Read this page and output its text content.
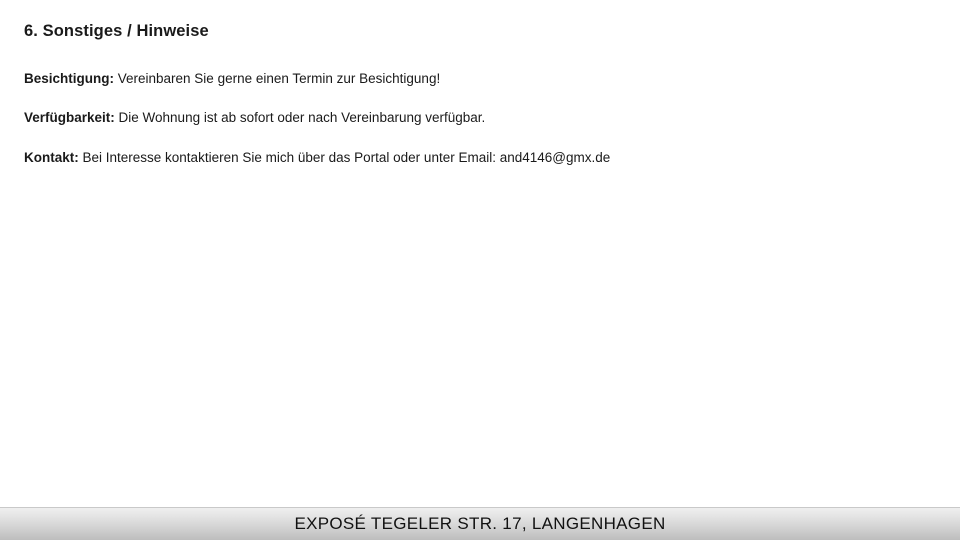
6. Sonstiges / Hinweise

Besichtigung: Vereinbaren Sie gerne einen Termin zur Besichtigung!

Verfügbarkeit: Die Wohnung ist ab sofort oder nach Vereinbarung verfügbar.

Kontakt: Bei Interesse kontaktieren Sie mich über das Portal oder unter Email: and4146@gmx.de

EXPOSÉ TEGELER STR. 17, LANGENHAGEN
